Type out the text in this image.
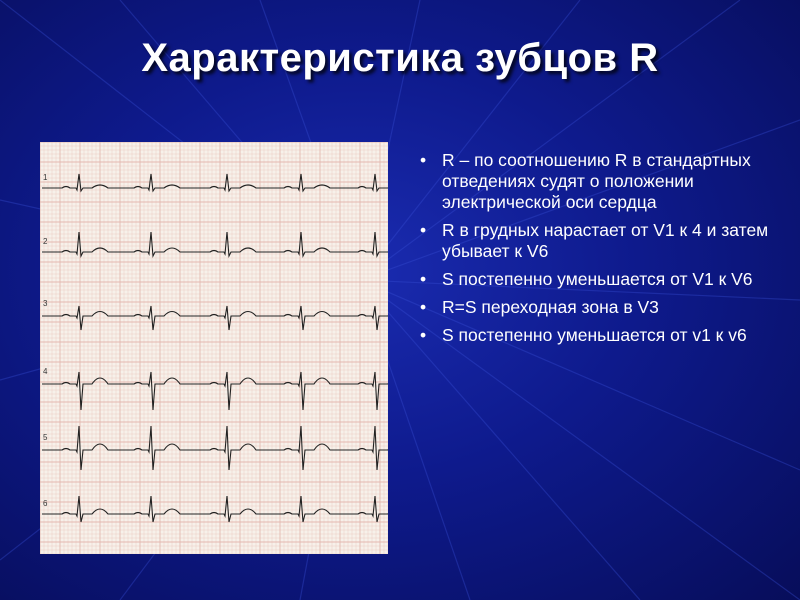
Характеристика зубцов R
1
2
3
4
5
6
• R – по соотношению R в стандартных отведениях судят о положении электрической оси сердца
• R в грудных нарастает от V1 к 4 и затем убывает к V6
• S постепенно уменьшается от V1 к V6
• R=S переходная зона в V3
• S постепенно уменьшается от v1 к v6
